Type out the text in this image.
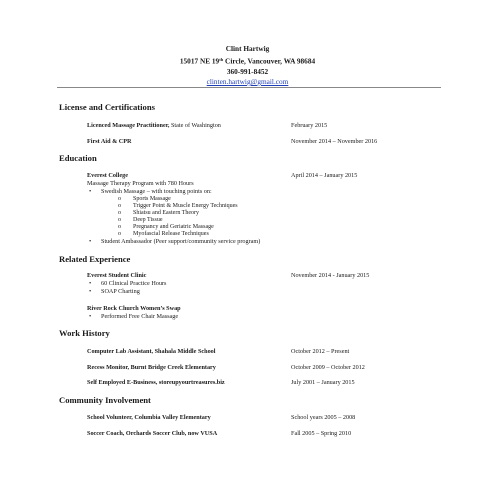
Clint Hartwig
15017 NE 19th Circle, Vancouver, WA 98684
360-991-8452
clinten.hartwig@gmail.com
License and Certifications
Licenced Massage Practitioner, State of Washington	February 2015
First Aid & CPR	November 2014 – November 2016
Education
Everest College	April 2014 – January 2015
Massage Therapy Program with 780 Hours
• Swedish Massage – with touching points on:
o Sports Massage
o Trigger Point & Muscle Energy Techniques
o Shiatsu and Eastern Theory
o Deep Tissue
o Pregnancy and Geriatric Massage
o Myofascial Release Techniques
• Student Ambassador (Peer support/community service program)
Related Experience
Everest Student Clinic	November 2014 - January 2015
• 60 Clinical Practice Hours
• SOAP Charting
River Rock Church Women’s Swap
• Performed Free Chair Massage
Work History
Computer Lab Assistant, Shahala Middle School	October 2012 – Present
Recess Monitor, Burnt Bridge Creek Elementary	October 2009 – October 2012
Self Employed E-Business, storeupyourtreasures.biz	July 2001 – January 2015
Community Involvement
School Volunteer, Columbia Valley Elementary	School years 2005 – 2008
Soccer Coach, Orchards Soccer Club, now VUSA	Fall 2005 – Spring 2010
